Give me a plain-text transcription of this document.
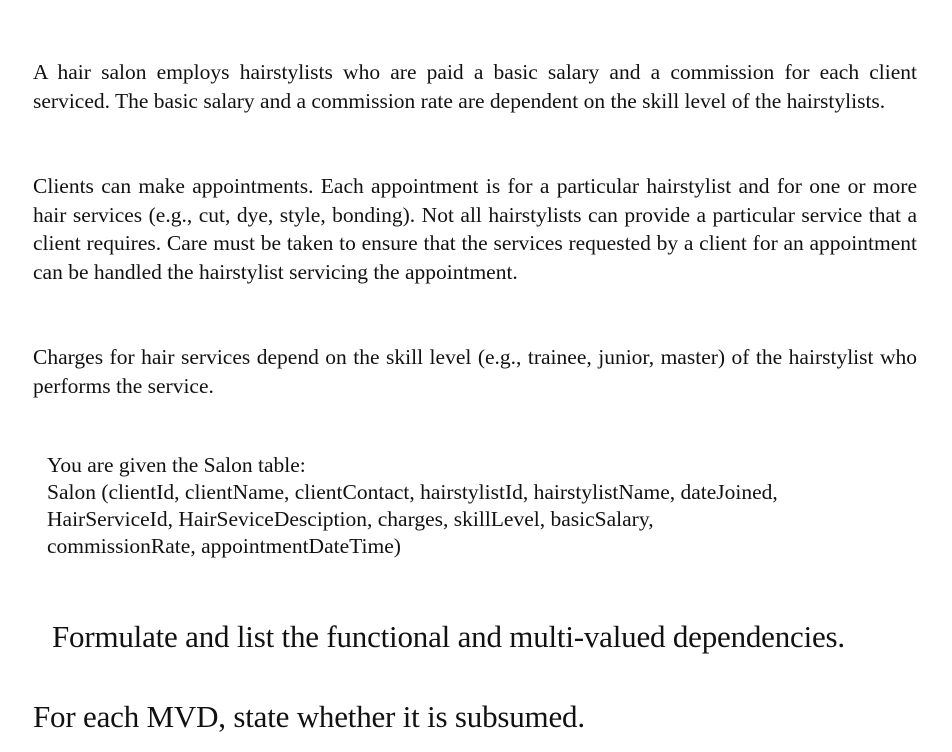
A hair salon employs hairstylists who are paid a basic salary and a commission for each client serviced. The basic salary and a commission rate are dependent on the skill level of the hairstylists.

Clients can make appointments. Each appointment is for a particular hairstylist and for one or more hair services (e.g., cut, dye, style, bonding). Not all hairstylists can provide a particular service that a client requires. Care must be taken to ensure that the services requested by a client for an appointment can be handled the hairstylist servicing the appointment.

Charges for hair services depend on the skill level (e.g., trainee, junior, master) of the hairstylist who performs the service.

You are given the Salon table:
Salon (clientId, clientName, clientContact, hairstylistId, hairstylistName, dateJoined,
HairServiceId, HairSeviceDesciption, charges, skillLevel, basicSalary,
commissionRate, appointmentDateTime)
Formulate and list the functional and multi-valued dependencies.
For each MVD, state whether it is subsumed.
